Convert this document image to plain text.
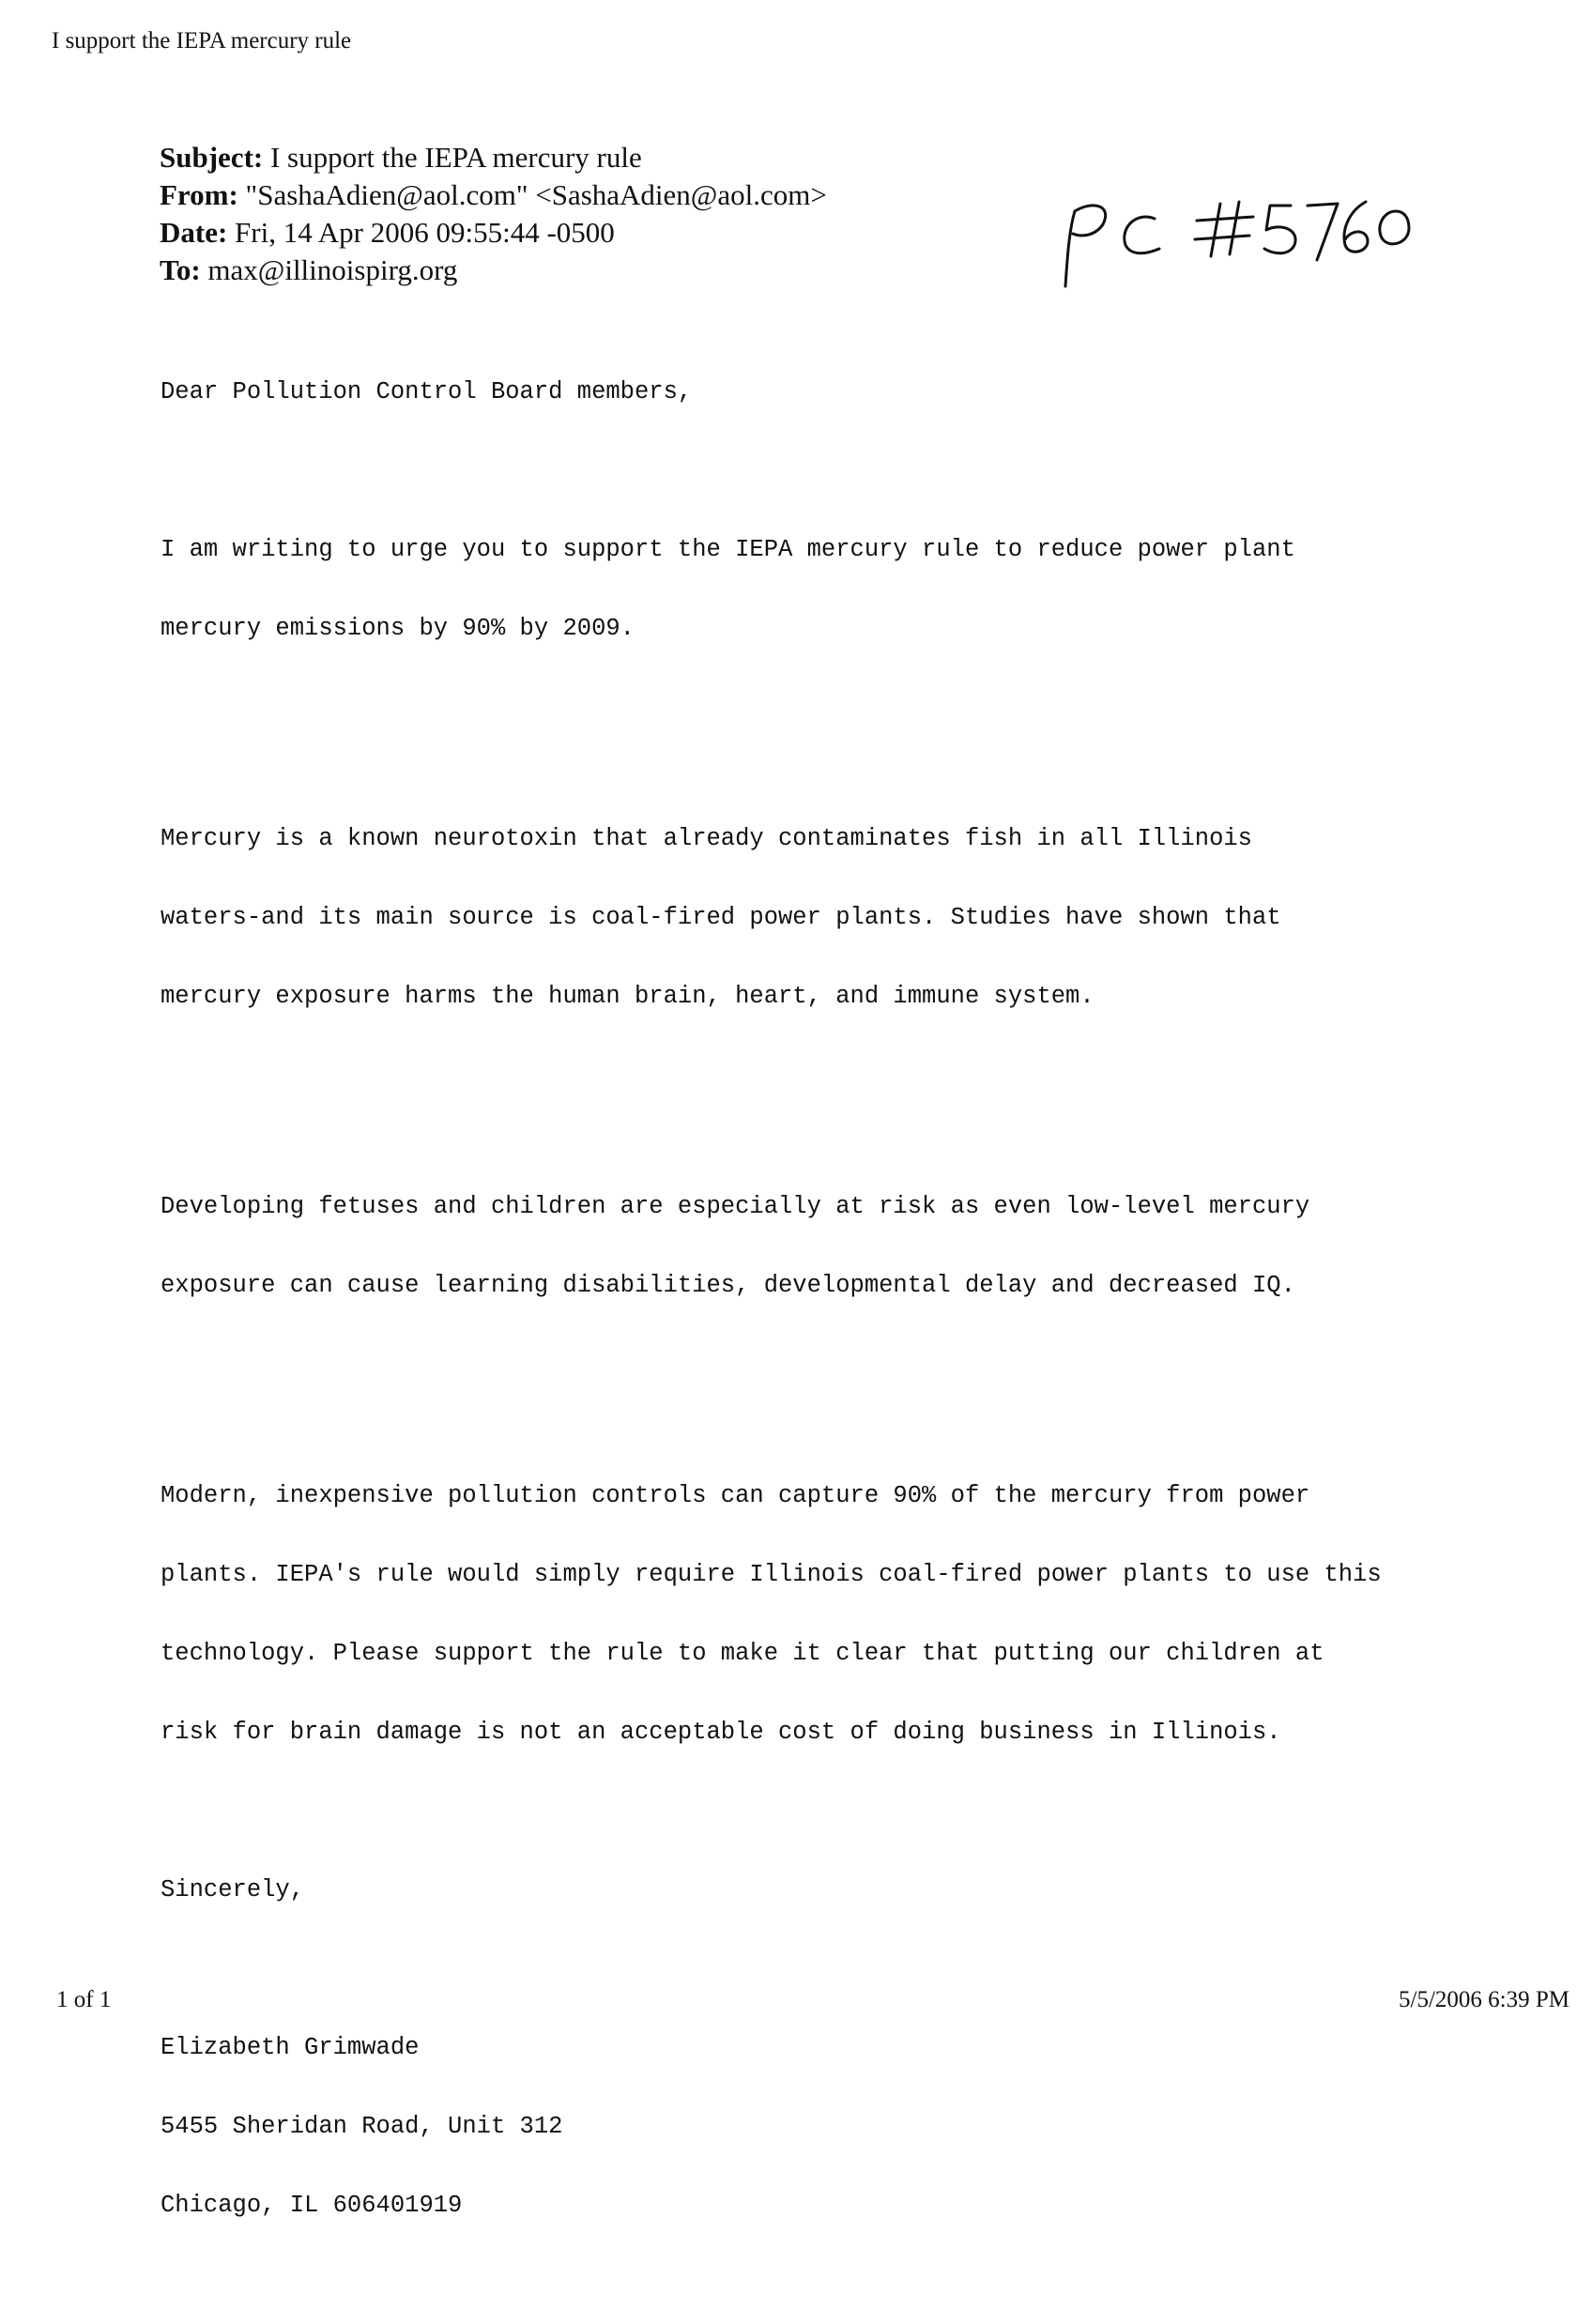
I support the IEPA mercury rule
Subject: I support the IEPA mercury rule
From: "SashaAdien@aol.com" <SashaAdien@aol.com>
Date: Fri, 14 Apr 2006 09:55:44 -0500
To: max@illinoispirg.org

Dear Pollution Control Board members,

I am writing to urge you to support the IEPA mercury rule to reduce power plant

mercury emissions by 90% by 2009.

Mercury is a known neurotoxin that already contaminates fish in all Illinois

waters-and its main source is coal-fired power plants. Studies have shown that

mercury exposure harms the human brain, heart, and immune system.

Developing fetuses and children are especially at risk as even low-level mercury

exposure can cause learning disabilities, developmental delay and decreased IQ.

Modern, inexpensive pollution controls can capture 90% of the mercury from power

plants. IEPA's rule would simply require Illinois coal-fired power plants to use this

technology. Please support the rule to make it clear that putting our children at

risk for brain damage is not an acceptable cost of doing business in Illinois.

Sincerely,

Elizabeth Grimwade

5455 Sheridan Road, Unit 312

Chicago, IL 606401919

1 of 1	5/5/2006 6:39 PM
